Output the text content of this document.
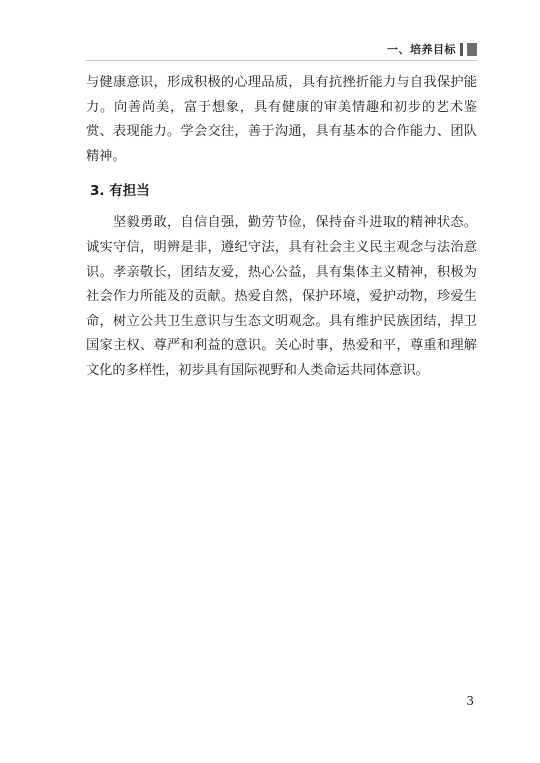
一、培养目标

与健康意识，形成积极的心理品质，具有抗挫折能力与自我保护能力。向善尚美，富于想象，具有健康的审美情趣和初步的艺术鉴赏、表现能力。学会交往，善于沟通，具有基本的合作能力、团队精神。

3. 有担当

坚毅勇敢，自信自强，勤劳节俭，保持奋斗进取的精神状态。诚实守信，明辨是非，遵纪守法，具有社会主义民主观念与法治意识。孝亲敬长，团结友爱，热心公益，具有集体主义精神，积极为社会作力所能及的贡献。热爱自然，保护环境，爱护动物，珍爱生命，树立公共卫生意识与生态文明观念。具有维护民族团结，捍卫国家主权、尊严和利益的意识。关心时事，热爱和平，尊重和理解文化的多样性，初步具有国际视野和人类命运共同体意识。

3
